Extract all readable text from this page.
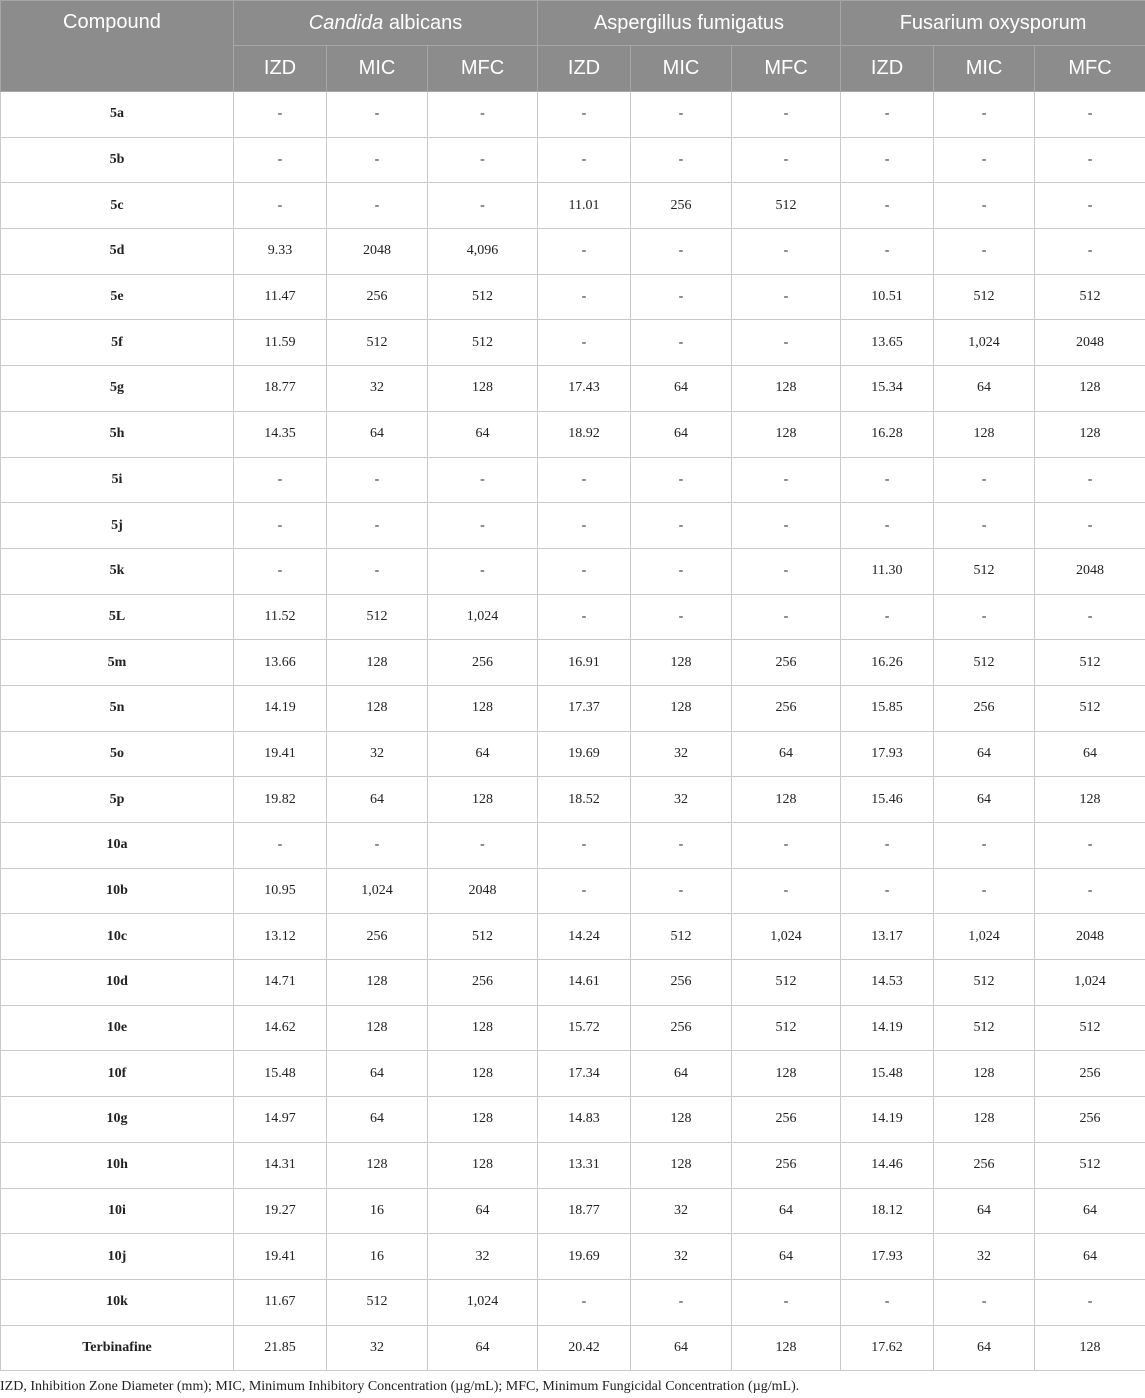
Compound	Candida albicans			Aspergillus fumigatus			Fusarium oxysporum		
	IZD	MIC	MFC	IZD	MIC	MFC	IZD	MIC	MFC
5a	-	-	-	-	-	-	-	-	-
5b	-	-	-	-	-	-	-	-	-
5c	-	-	-	11.01	256	512	-	-	-
5d	9.33	2048	4,096	-	-	-	-	-	-
5e	11.47	256	512	-	-	-	10.51	512	512
5f	11.59	512	512	-	-	-	13.65	1,024	2048
5g	18.77	32	128	17.43	64	128	15.34	64	128
5h	14.35	64	64	18.92	64	128	16.28	128	128
5i	-	-	-	-	-	-	-	-	-
5j	-	-	-	-	-	-	-	-	-
5k	-	-	-	-	-	-	11.30	512	2048
5L	11.52	512	1,024	-	-	-	-	-	-
5m	13.66	128	256	16.91	128	256	16.26	512	512
5n	14.19	128	128	17.37	128	256	15.85	256	512
5o	19.41	32	64	19.69	32	64	17.93	64	64
5p	19.82	64	128	18.52	32	128	15.46	64	128
10a	-	-	-	-	-	-	-	-	-
10b	10.95	1,024	2048	-	-	-	-	-	-
10c	13.12	256	512	14.24	512	1,024	13.17	1,024	2048
10d	14.71	128	256	14.61	256	512	14.53	512	1,024
10e	14.62	128	128	15.72	256	512	14.19	512	512
10f	15.48	64	128	17.34	64	128	15.48	128	256
10g	14.97	64	128	14.83	128	256	14.19	128	256
10h	14.31	128	128	13.31	128	256	14.46	256	512
10i	19.27	16	64	18.77	32	64	18.12	64	64
10j	19.41	16	32	19.69	32	64	17.93	32	64
10k	11.67	512	1,024	-	-	-	-	-	-
Terbinafine	21.85	32	64	20.42	64	128	17.62	64	128
IZD, Inhibition Zone Diameter (mm); MIC, Minimum Inhibitory Concentration (µg/mL); MFC, Minimum Fungicidal Concentration (µg/mL).
